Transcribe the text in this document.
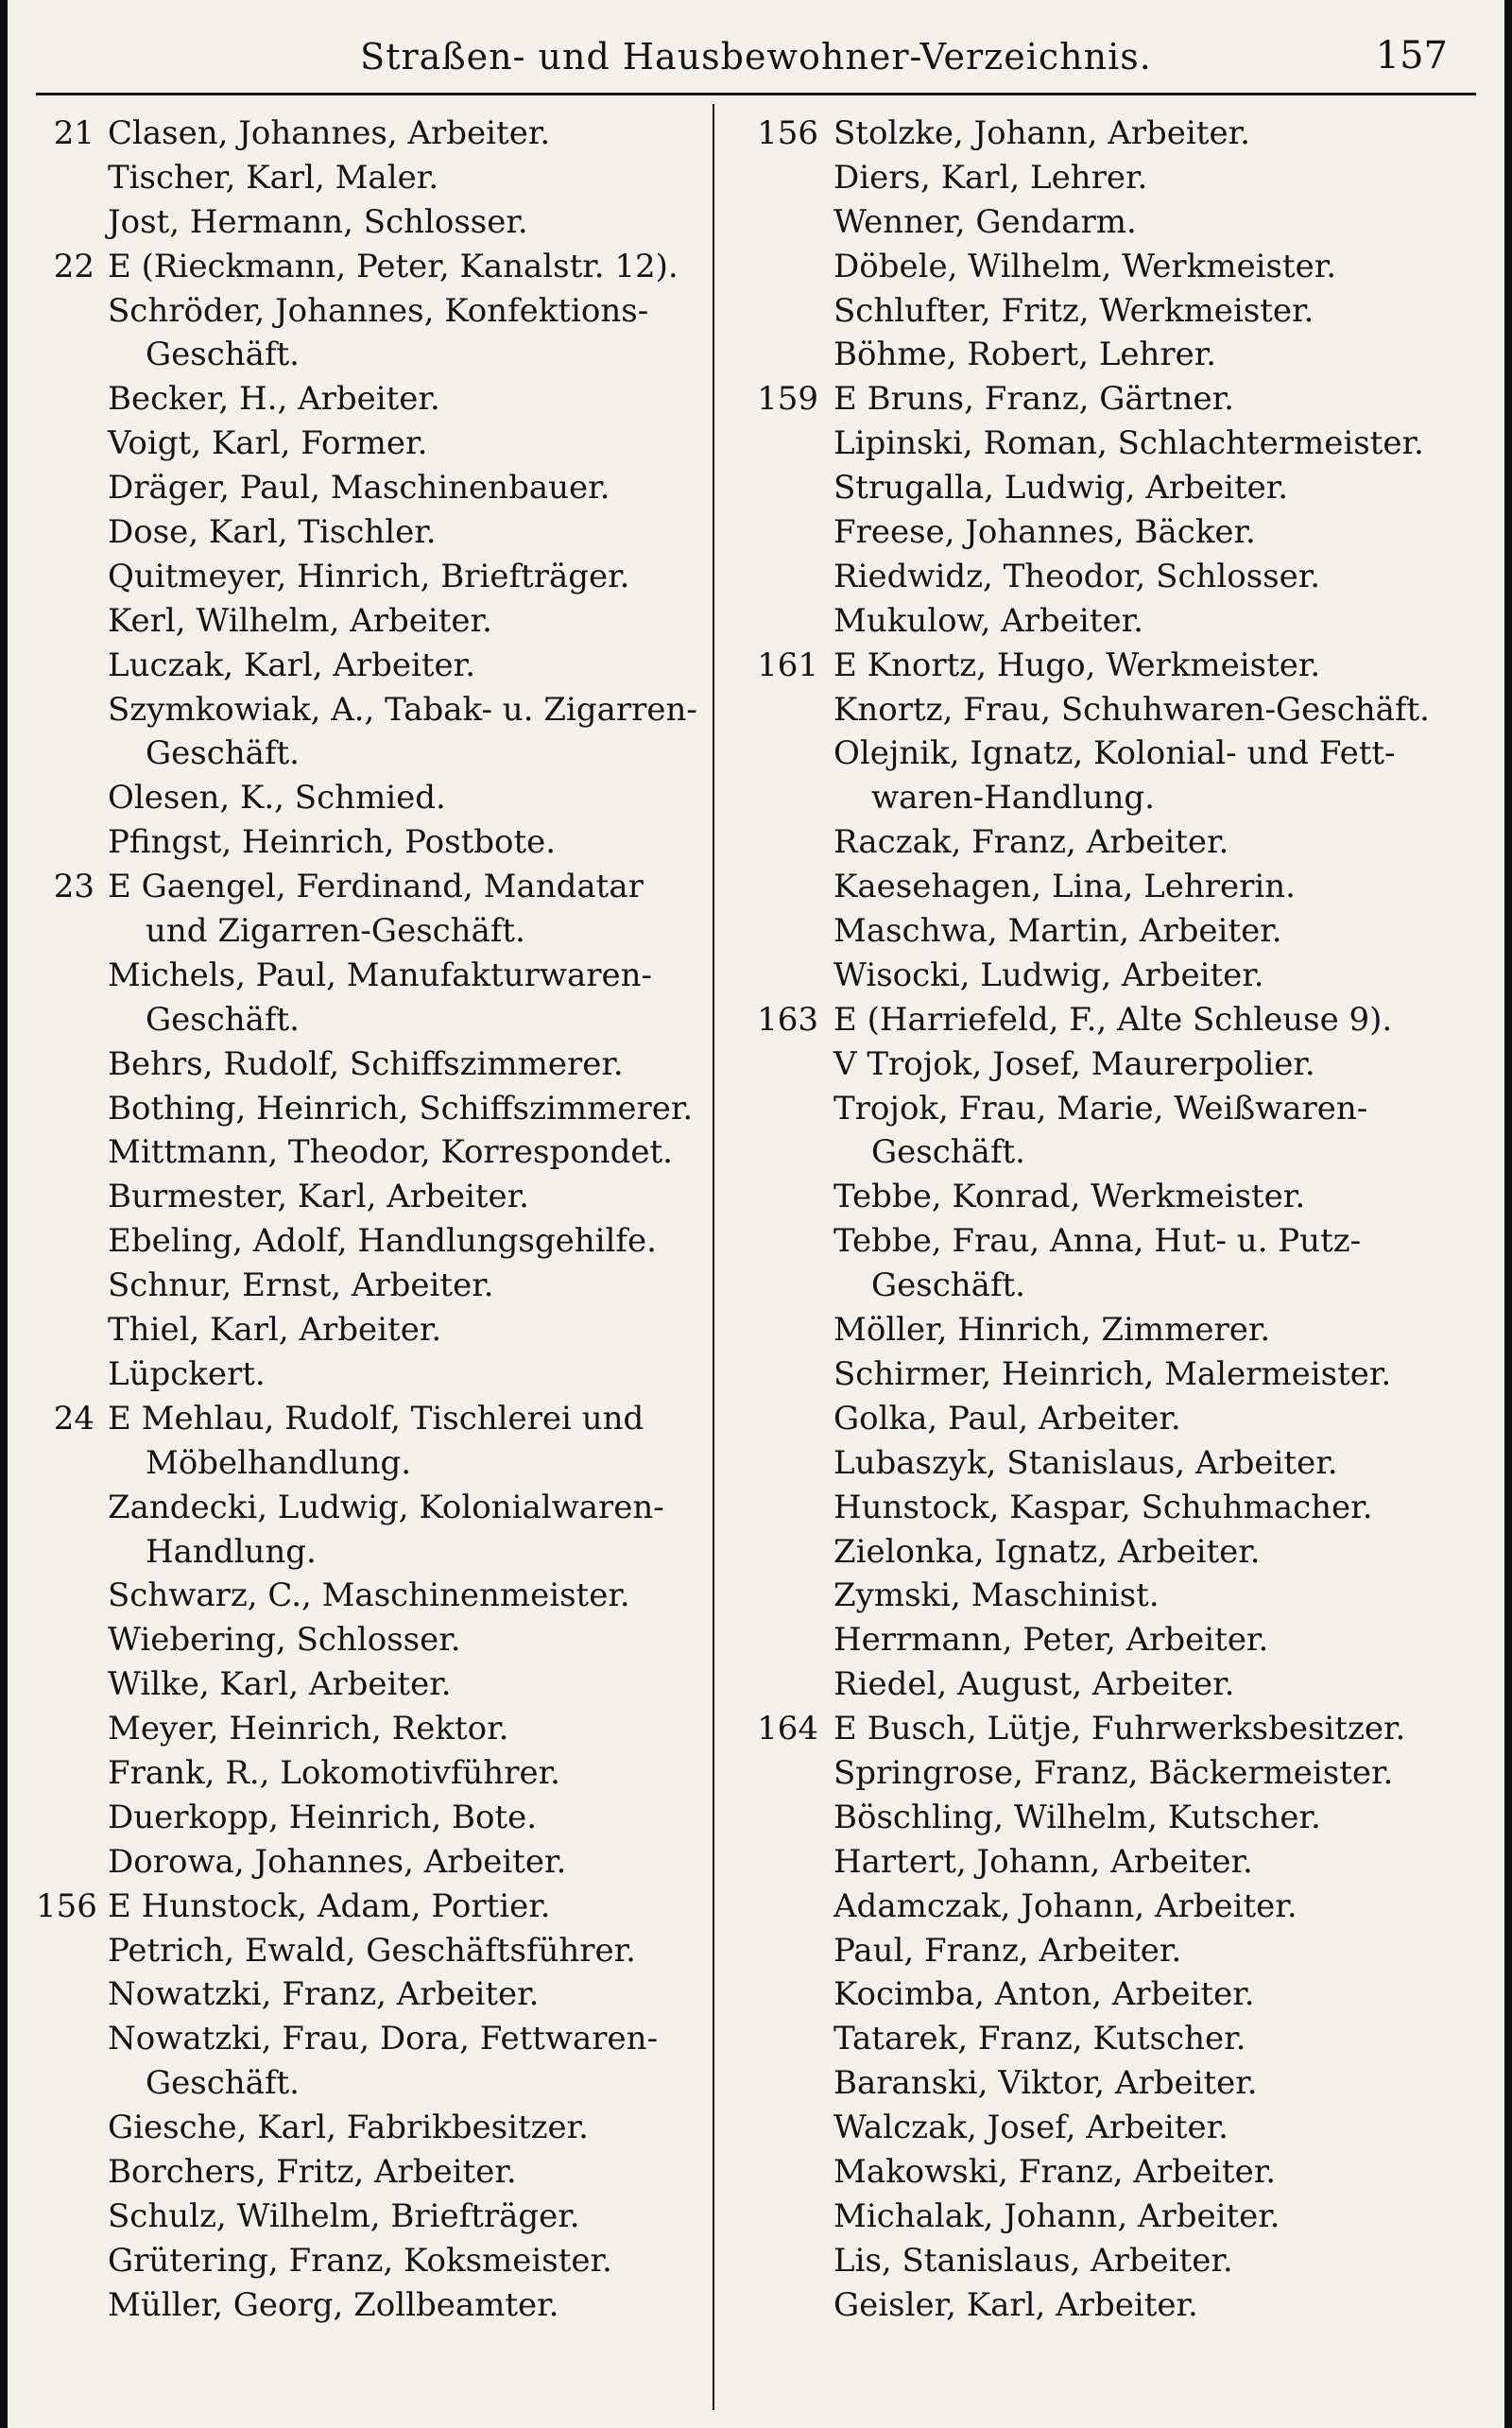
Straßen- und Hausbewohner-Verzeichnis.	157
21 Clasen, Johannes, Arbeiter.
Tischer, Karl, Maler.
Jost, Hermann, Schlosser.
22 E (Rieckmann, Peter, Kanalstr. 12).
Schröder, Johannes, Konfektions-
Geschäft.
Becker, H., Arbeiter.
Voigt, Karl, Former.
Dräger, Paul, Maschinenbauer.
Dose, Karl, Tischler.
Quitmeyer, Hinrich, Briefträger.
Kerl, Wilhelm, Arbeiter.
Luczak, Karl, Arbeiter.
Szymkowiak, A., Tabak- u. Zigarren-
Geschäft.
Olesen, K., Schmied.
Pfingst, Heinrich, Postbote.
23 E Gaengel, Ferdinand, Mandatar
und Zigarren-Geschäft.
Michels, Paul, Manufakturwaren-
Geschäft.
Behrs, Rudolf, Schiffszimmerer.
Bothing, Heinrich, Schiffszimmerer.
Mittmann, Theodor, Korrespondet.
Burmester, Karl, Arbeiter.
Ebeling, Adolf, Handlungsgehilfe.
Schnur, Ernst, Arbeiter.
Thiel, Karl, Arbeiter.
Lüpckert.
24 E Mehlau, Rudolf, Tischlerei und
Möbelhandlung.
Zandecki, Ludwig, Kolonialwaren-
Handlung.
Schwarz, C., Maschinenmeister.
Wiebering, Schlosser.
Wilke, Karl, Arbeiter.
Meyer, Heinrich, Rektor.
Frank, R., Lokomotivführer.
Duerkopp, Heinrich, Bote.
Dorowa, Johannes, Arbeiter.
156 E Hunstock, Adam, Portier.
Petrich, Ewald, Geschäftsführer.
Nowatzki, Franz, Arbeiter.
Nowatzki, Frau, Dora, Fettwaren-
Geschäft.
Giesche, Karl, Fabrikbesitzer.
Borchers, Fritz, Arbeiter.
Schulz, Wilhelm, Briefträger.
Grütering, Franz, Koksmeister.
Müller, Georg, Zollbeamter.
156 Stolzke, Johann, Arbeiter.
Diers, Karl, Lehrer.
Wenner, Gendarm.
Döbele, Wilhelm, Werkmeister.
Schlufter, Fritz, Werkmeister.
Böhme, Robert, Lehrer.
159 E Bruns, Franz, Gärtner.
Lipinski, Roman, Schlachtermeister.
Strugalla, Ludwig, Arbeiter.
Freese, Johannes, Bäcker.
Riedwidz, Theodor, Schlosser.
Mukulow, Arbeiter.
161 E Knortz, Hugo, Werkmeister.
Knortz, Frau, Schuhwaren-Geschäft.
Olejnik, Ignatz, Kolonial- und Fett-
waren-Handlung.
Raczak, Franz, Arbeiter.
Kaesehagen, Lina, Lehrerin.
Maschwa, Martin, Arbeiter.
Wisocki, Ludwig, Arbeiter.
163 E (Harriefeld, F., Alte Schleuse 9).
V Trojok, Josef, Maurerpolier.
Trojok, Frau, Marie, Weißwaren-
Geschäft.
Tebbe, Konrad, Werkmeister.
Tebbe, Frau, Anna, Hut- u. Putz-
Geschäft.
Möller, Hinrich, Zimmerer.
Schirmer, Heinrich, Malermeister.
Golka, Paul, Arbeiter.
Lubaszyk, Stanislaus, Arbeiter.
Hunstock, Kaspar, Schuhmacher.
Zielonka, Ignatz, Arbeiter.
Zymski, Maschinist.
Herrmann, Peter, Arbeiter.
Riedel, August, Arbeiter.
164 E Busch, Lütje, Fuhrwerksbesitzer.
Springrose, Franz, Bäckermeister.
Böschling, Wilhelm, Kutscher.
Hartert, Johann, Arbeiter.
Adamczak, Johann, Arbeiter.
Paul, Franz, Arbeiter.
Kocimba, Anton, Arbeiter.
Tatarek, Franz, Kutscher.
Baranski, Viktor, Arbeiter.
Walczak, Josef, Arbeiter.
Makowski, Franz, Arbeiter.
Michalak, Johann, Arbeiter.
Lis, Stanislaus, Arbeiter.
Geisler, Karl, Arbeiter.
